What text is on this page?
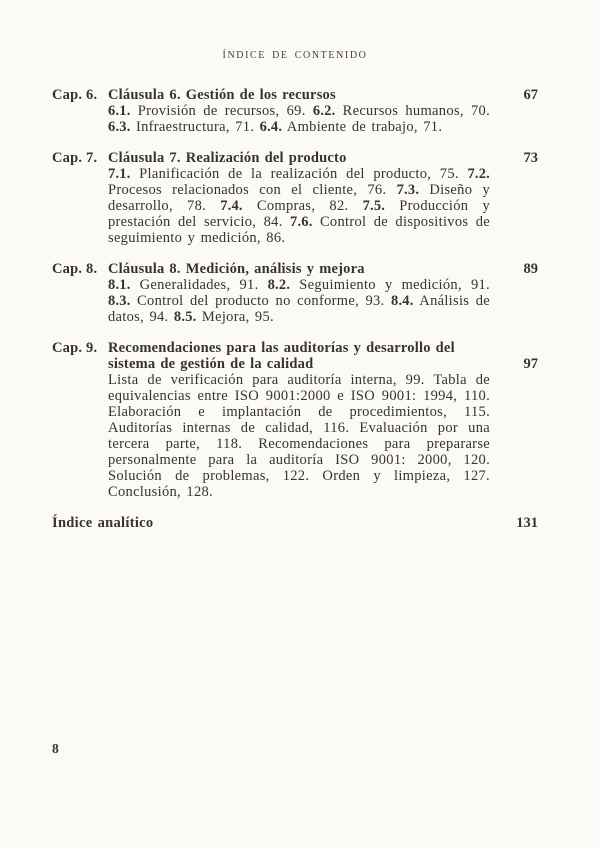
ÍNDICE DE CONTENIDO
Cap. 6. Cláusula 6. Gestión de los recursos	67
6.1. Provisión de recursos, 69. 6.2. Recursos humanos, 70. 6.3. Infraestructura, 71. 6.4. Ambiente de trabajo, 71.
Cap. 7. Cláusula 7. Realización del producto	73
7.1. Planificación de la realización del producto, 75. 7.2. Procesos relacionados con el cliente, 76. 7.3. Diseño y desarrollo, 78. 7.4. Compras, 82. 7.5. Producción y prestación del servicio, 84. 7.6. Control de dispositivos de seguimiento y medición, 86.
Cap. 8. Cláusula 8. Medición, análisis y mejora	89
8.1. Generalidades, 91. 8.2. Seguimiento y medición, 91. 8.3. Control del producto no conforme, 93. 8.4. Análisis de datos, 94. 8.5. Mejora, 95.
Cap. 9. Recomendaciones para las auditorías y desarrollo del sistema de gestión de la calidad	97
Lista de verificación para auditoría interna, 99. Tabla de equivalencias entre ISO 9001:2000 e ISO 9001: 1994, 110. Elaboración e implantación de procedimientos, 115. Auditorías internas de calidad, 116. Evaluación por una tercera parte, 118. Recomendaciones para prepararse personalmente para la auditoría ISO 9001: 2000, 120. Solución de problemas, 122. Orden y limpieza, 127. Conclusión, 128.
Índice analítico	131
8
